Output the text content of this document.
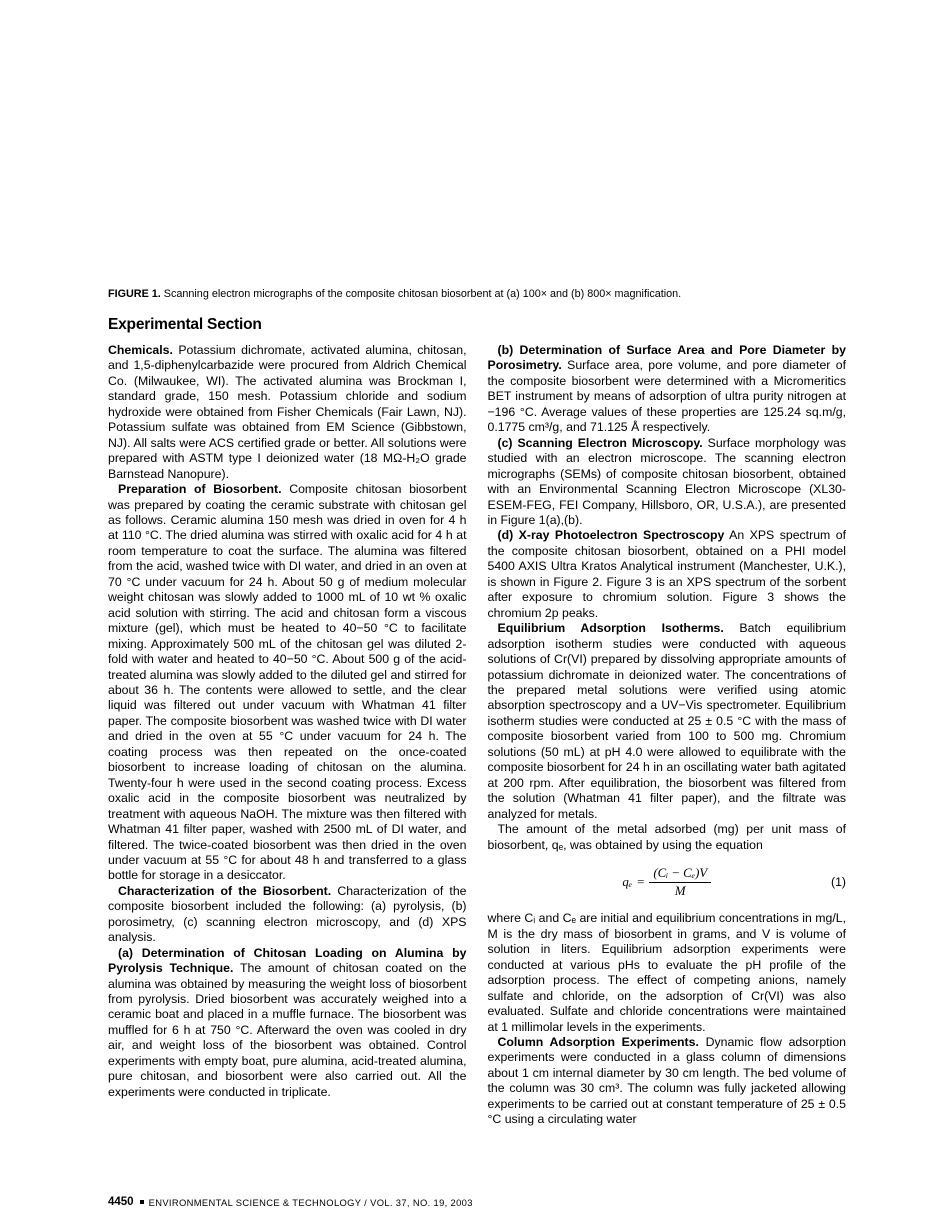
FIGURE 1. Scanning electron micrographs of the composite chitosan biosorbent at (a) 100× and (b) 800× magnification.

Experimental Section

Chemicals. Potassium dichromate, activated alumina, chitosan, and 1,5-diphenylcarbazide were procured from Aldrich Chemical Co. (Milwaukee, WI). The activated alumina was Brockman I, standard grade, 150 mesh. Potassium chloride and sodium hydroxide were obtained from Fisher Chemicals (Fair Lawn, NJ). Potassium sulfate was obtained from EM Science (Gibbstown, NJ). All salts were ACS certified grade or better. All solutions were prepared with ASTM type I deionized water (18 MΩ-H₂O grade Barnstead Nanopure).

Preparation of Biosorbent. Composite chitosan biosorbent was prepared by coating the ceramic substrate with chitosan gel as follows. Ceramic alumina 150 mesh was dried in oven for 4 h at 110 °C. The dried alumina was stirred with oxalic acid for 4 h at room temperature to coat the surface. The alumina was filtered from the acid, washed twice with DI water, and dried in an oven at 70 °C under vacuum for 24 h. About 50 g of medium molecular weight chitosan was slowly added to 1000 mL of 10 wt % oxalic acid solution with stirring. The acid and chitosan form a viscous mixture (gel), which must be heated to 40−50 °C to facilitate mixing. Approximately 500 mL of the chitosan gel was diluted 2-fold with water and heated to 40−50 °C. About 500 g of the acid-treated alumina was slowly added to the diluted gel and stirred for about 36 h. The contents were allowed to settle, and the clear liquid was filtered out under vacuum with Whatman 41 filter paper. The composite biosorbent was washed twice with DI water and dried in the oven at 55 °C under vacuum for 24 h. The coating process was then repeated on the once-coated biosorbent to increase loading of chitosan on the alumina. Twenty-four h were used in the second coating process. Excess oxalic acid in the composite biosorbent was neutralized by treatment with aqueous NaOH. The mixture was then filtered with Whatman 41 filter paper, washed with 2500 mL of DI water, and filtered. The twice-coated biosorbent was then dried in the oven under vacuum at 55 °C for about 48 h and transferred to a glass bottle for storage in a desiccator.

Characterization of the Biosorbent. Characterization of the composite biosorbent included the following: (a) pyrolysis, (b) porosimetry, (c) scanning electron microscopy, and (d) XPS analysis.

(a) Determination of Chitosan Loading on Alumina by Pyrolysis Technique. The amount of chitosan coated on the alumina was obtained by measuring the weight loss of biosorbent from pyrolysis. Dried biosorbent was accurately weighed into a ceramic boat and placed in a muffle furnace. The biosorbent was muffled for 6 h at 750 °C. Afterward the oven was cooled in dry air, and weight loss of the biosorbent was obtained. Control experiments with empty boat, pure alumina, acid-treated alumina, pure chitosan, and biosorbent were also carried out. All the experiments were conducted in triplicate.

(b) Determination of Surface Area and Pore Diameter by Porosimetry. Surface area, pore volume, and pore diameter of the composite biosorbent were determined with a Micromeritics BET instrument by means of adsorption of ultra purity nitrogen at −196 °C. Average values of these properties are 125.24 sq.m/g, 0.1775 cm³/g, and 71.125 Å respectively.

(c) Scanning Electron Microscopy. Surface morphology was studied with an electron microscope. The scanning electron micrographs (SEMs) of composite chitosan biosorbent, obtained with an Environmental Scanning Electron Microscope (XL30-ESEM-FEG, FEI Company, Hillsboro, OR, U.S.A.), are presented in Figure 1(a),(b).

(d) X-ray Photoelectron Spectroscopy An XPS spectrum of the composite chitosan biosorbent, obtained on a PHI model 5400 AXIS Ultra Kratos Analytical instrument (Manchester, U.K.), is shown in Figure 2. Figure 3 is an XPS spectrum of the sorbent after exposure to chromium solution. Figure 3 shows the chromium 2p peaks.

Equilibrium Adsorption Isotherms. Batch equilibrium adsorption isotherm studies were conducted with aqueous solutions of Cr(VI) prepared by dissolving appropriate amounts of potassium dichromate in deionized water. The concentrations of the prepared metal solutions were verified using atomic absorption spectroscopy and a UV−Vis spectrometer. Equilibrium isotherm studies were conducted at 25 ± 0.5 °C with the mass of composite biosorbent varied from 100 to 500 mg. Chromium solutions (50 mL) at pH 4.0 were allowed to equilibrate with the composite biosorbent for 24 h in an oscillating water bath agitated at 200 rpm. After equilibration, the biosorbent was filtered from the solution (Whatman 41 filter paper), and the filtrate was analyzed for metals.

The amount of the metal adsorbed (mg) per unit mass of biosorbent, qₑ, was obtained by using the equation

$q_e = \frac{\text{(Cᵢ − Cₑ)V}}{M}$	(1)

where Cᵢ and Cₑ are initial and equilibrium concentrations in mg/L, M is the dry mass of biosorbent in grams, and V is volume of solution in liters. Equilibrium adsorption experiments were conducted at various pHs to evaluate the pH profile of the adsorption process. The effect of competing anions, namely sulfate and chloride, on the adsorption of Cr(VI) was also evaluated. Sulfate and chloride concentrations were maintained at 1 millimolar levels in the experiments.

Column Adsorption Experiments. Dynamic flow adsorption experiments were conducted in a glass column of dimensions about 1 cm internal diameter by 30 cm length. The bed volume of the column was 30 cm³. The column was fully jacketed allowing experiments to be carried out at constant temperature of 25 ± 0.5 °C using a circulating water

4450 ENVIRONMENTAL SCIENCE & TECHNOLOGY / VOL. 37, NO. 19, 2003
